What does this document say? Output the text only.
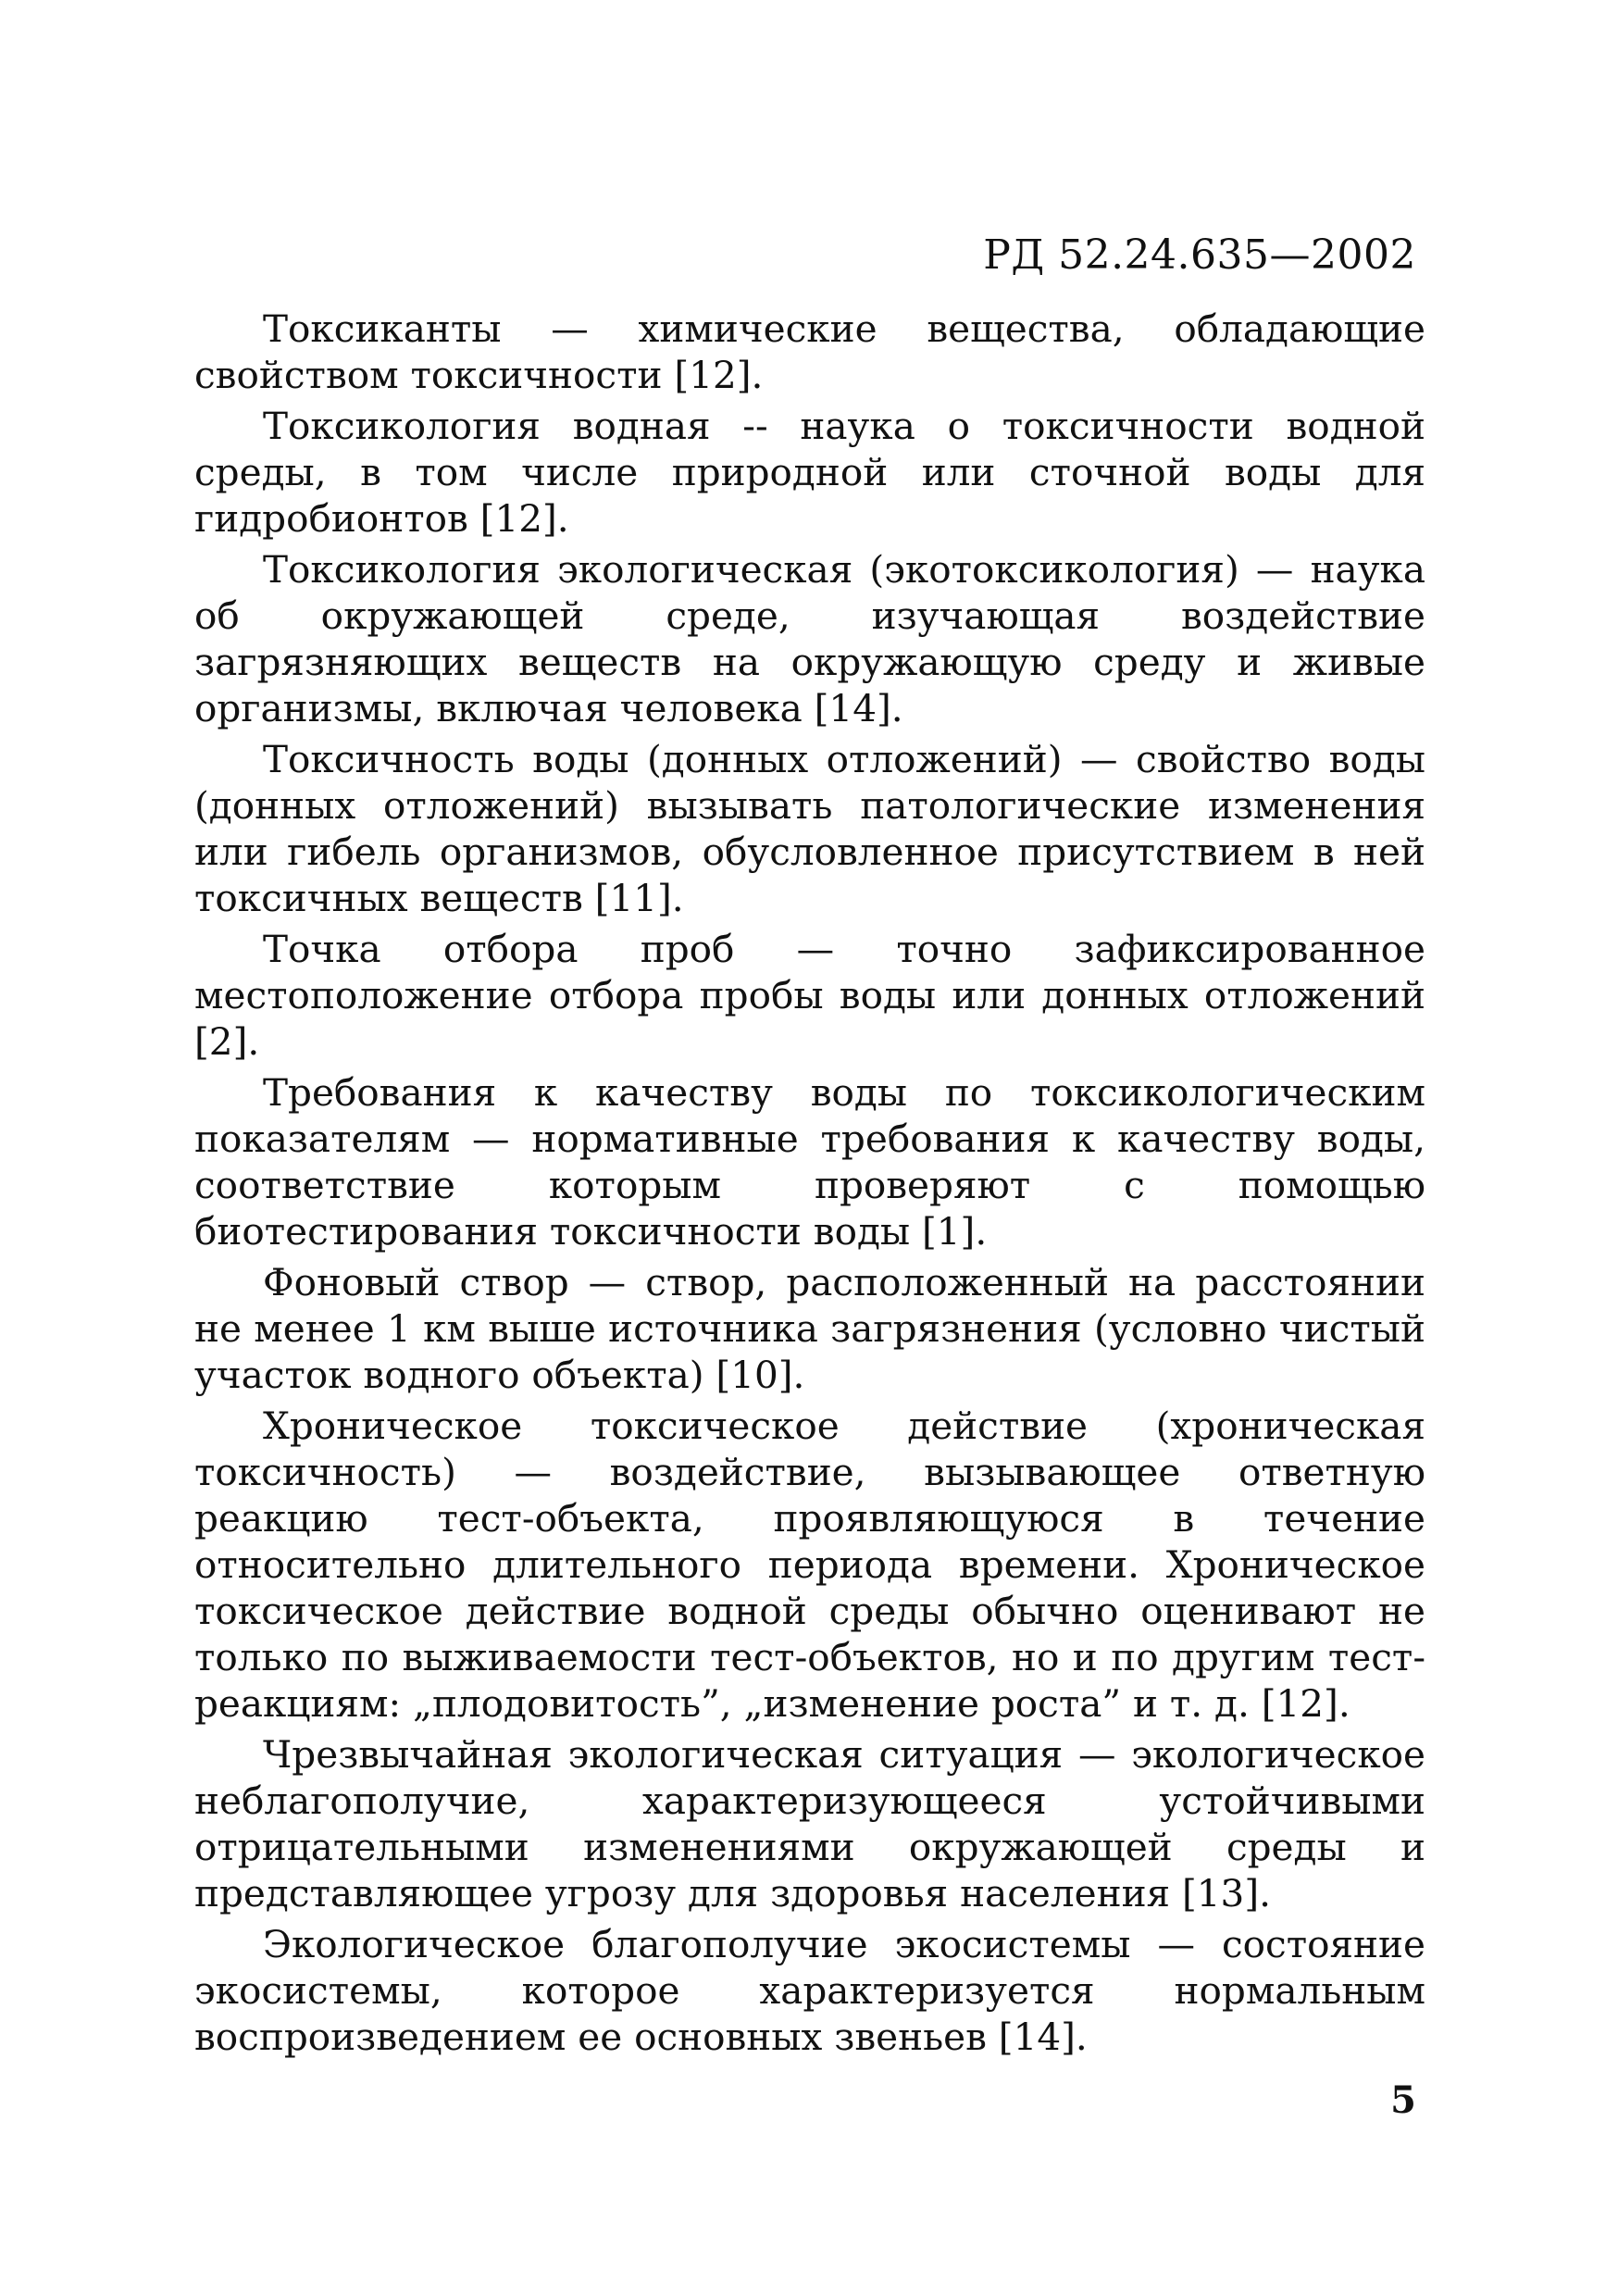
РД 52.24.635—2002

Токсиканты — химические вещества, обладающие свойством токсичности [12].

Токсикология водная -- наука о токсичности водной среды, в том числе природной или сточной воды для гидробионтов [12].

Токсикология экологическая (экотоксикология) — наука об окружающей среде, изучающая воздействие загрязняющих веществ на окружающую среду и живые организмы, включая человека [14].

Токсичность воды (донных отложений) — свойство воды (донных отложений) вызывать патологические изменения или гибель организмов, обусловленное присутствием в ней токсичных веществ [11].

Точка отбора проб — точно зафиксированное местоположение отбора пробы воды или донных отложений [2].

Требования к качеству воды по токсикологическим показателям — нормативные требования к качеству воды, соответствие которым проверяют с помощью биотестирования токсичности воды [1].

Фоновый створ — створ, расположенный на расстоянии не менее 1 км выше источника загрязнения (условно чистый участок водного объекта) [10].

Хроническое токсическое действие (хроническая токсичность) — воздействие, вызывающее ответную реакцию тест-объекта, проявляющуюся в течение относительно длительного периода времени. Хроническое токсическое действие водной среды обычно оценивают не только по выживаемости тест-объектов, но и по другим тест-реакциям: „плодовитость”, „изменение роста” и т. д. [12].

Чрезвычайная экологическая ситуация — экологическое неблагополучие, характеризующееся устойчивыми отрицательными изменениями окружающей среды и представляющее угрозу для здоровья населения [13].

Экологическое благополучие экосистемы — состояние экосистемы, которое характеризуется нормальным воспроизведением ее основных звеньев [14].

5
